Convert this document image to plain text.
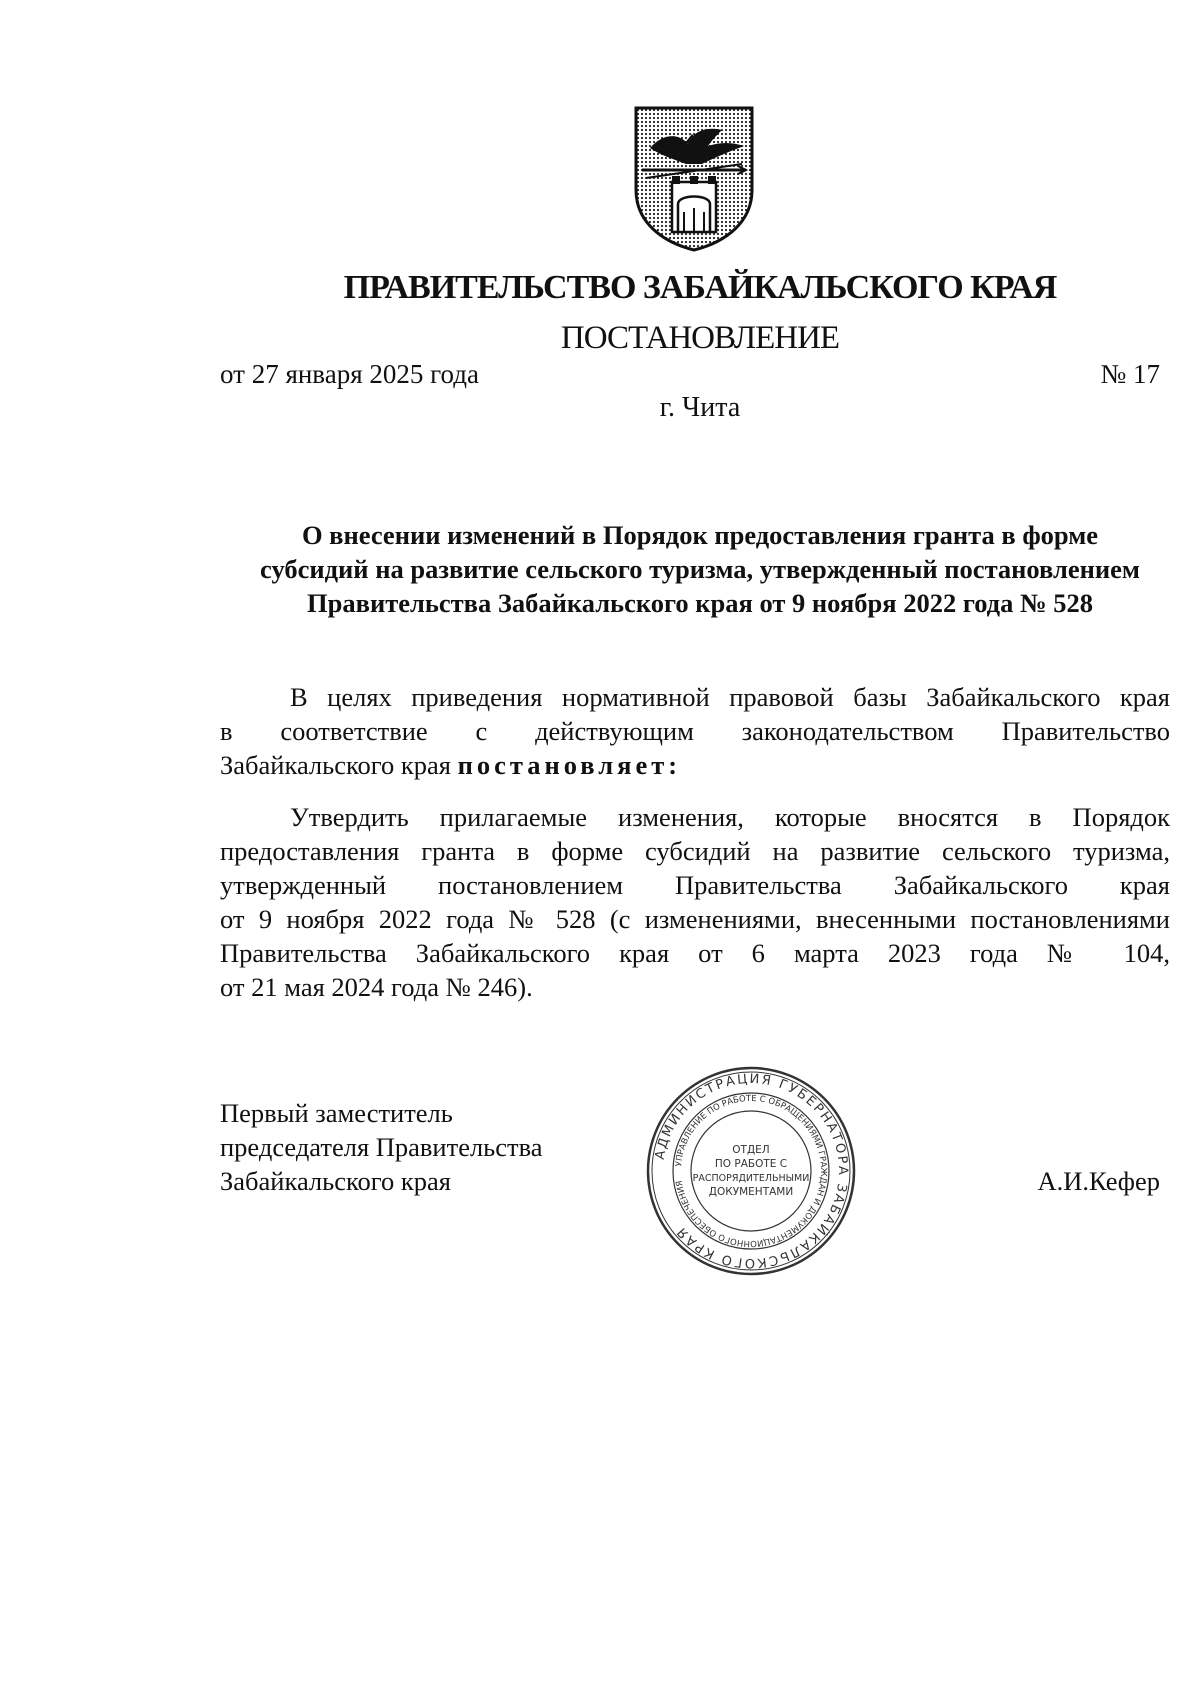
ПРАВИТЕЛЬСТВО ЗАБАЙКАЛЬСКОГО КРАЯ
ПОСТАНОВЛЕНИЕ
от 27 января 2025 года	№ 17
г. Чита
О внесении изменений в Порядок предоставления гранта в форме
субсидий на развитие сельского туризма, утвержденный постановлением
Правительства Забайкальского края от 9 ноября 2022 года № 528
В целях приведения нормативной правовой базы Забайкальского края
в соответствие с действующим законодательством Правительство
Забайкальского края постановляет:
Утвердить прилагаемые изменения, которые вносятся в Порядок
предоставления гранта в форме субсидий на развитие сельского туризма,
утвержденный постановлением Правительства Забайкальского края
от 9 ноября 2022 года № 528 (с изменениями, внесенными постановлениями
Правительства Забайкальского края от 6 марта 2023 года № 104,
от 21 мая 2024 года № 246).
Первый заместитель
председателя Правительства
Забайкальского края	А.И.Кефер
АДМИНИСТРАЦИЯ ГУБЕРНАТОРА ЗАБАЙКАЛЬСКОГО КРАЯ
УПРАВЛЕНИЕ ПО РАБОТЕ С ОБРАЩЕНИЯМИ ГРАЖДАН И ДОКУМЕНТАЦИОННОГО ОБЕСПЕЧЕНИЯ
ОТДЕЛ
ПО РАБОТЕ С
РАСПОРЯДИТЕЛЬНЫМИ
ДОКУМЕНТАМИ
